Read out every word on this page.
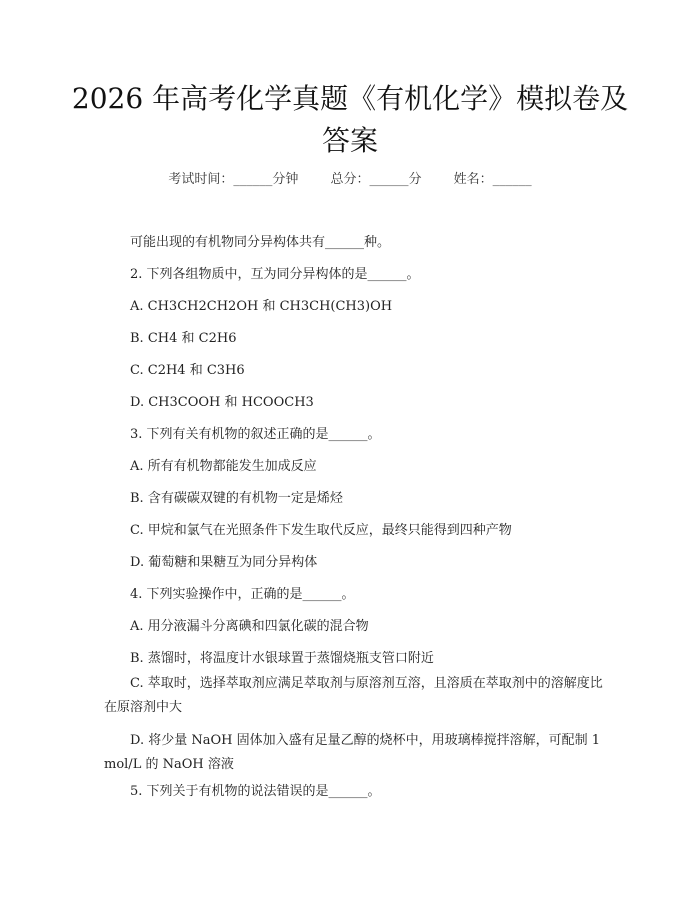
2026 年高考化学真题《有机化学》模拟卷及
答案
考试时间：______分钟 总分：______分 姓名：______
可能出现的有机物同分异构体共有______种。
2. 下列各组物质中，互为同分异构体的是______。
A. CH3CH2CH2OH 和 CH3CH(CH3)OH
B. CH4 和 C2H6
C. C2H4 和 C3H6
D. CH3COOH 和 HCOOCH3
3. 下列有关有机物的叙述正确的是______。
A. 所有有机物都能发生加成反应
B. 含有碳碳双键的有机物一定是烯烃
C. 甲烷和氯气在光照条件下发生取代反应，最终只能得到四种产物
D. 葡萄糖和果糖互为同分异构体
4. 下列实验操作中，正确的是______。
A. 用分液漏斗分离碘和四氯化碳的混合物
B. 蒸馏时，将温度计水银球置于蒸馏烧瓶支管口附近
C. 萃取时，选择萃取剂应满足萃取剂与原溶剂互溶，且溶质在萃取剂中的溶解度比在原溶剂中大
D. 将少量 NaOH 固体加入盛有足量乙醇的烧杯中，用玻璃棒搅拌溶解，可配制 1 mol/L 的 NaOH 溶液
5. 下列关于有机物的说法错误的是______。
